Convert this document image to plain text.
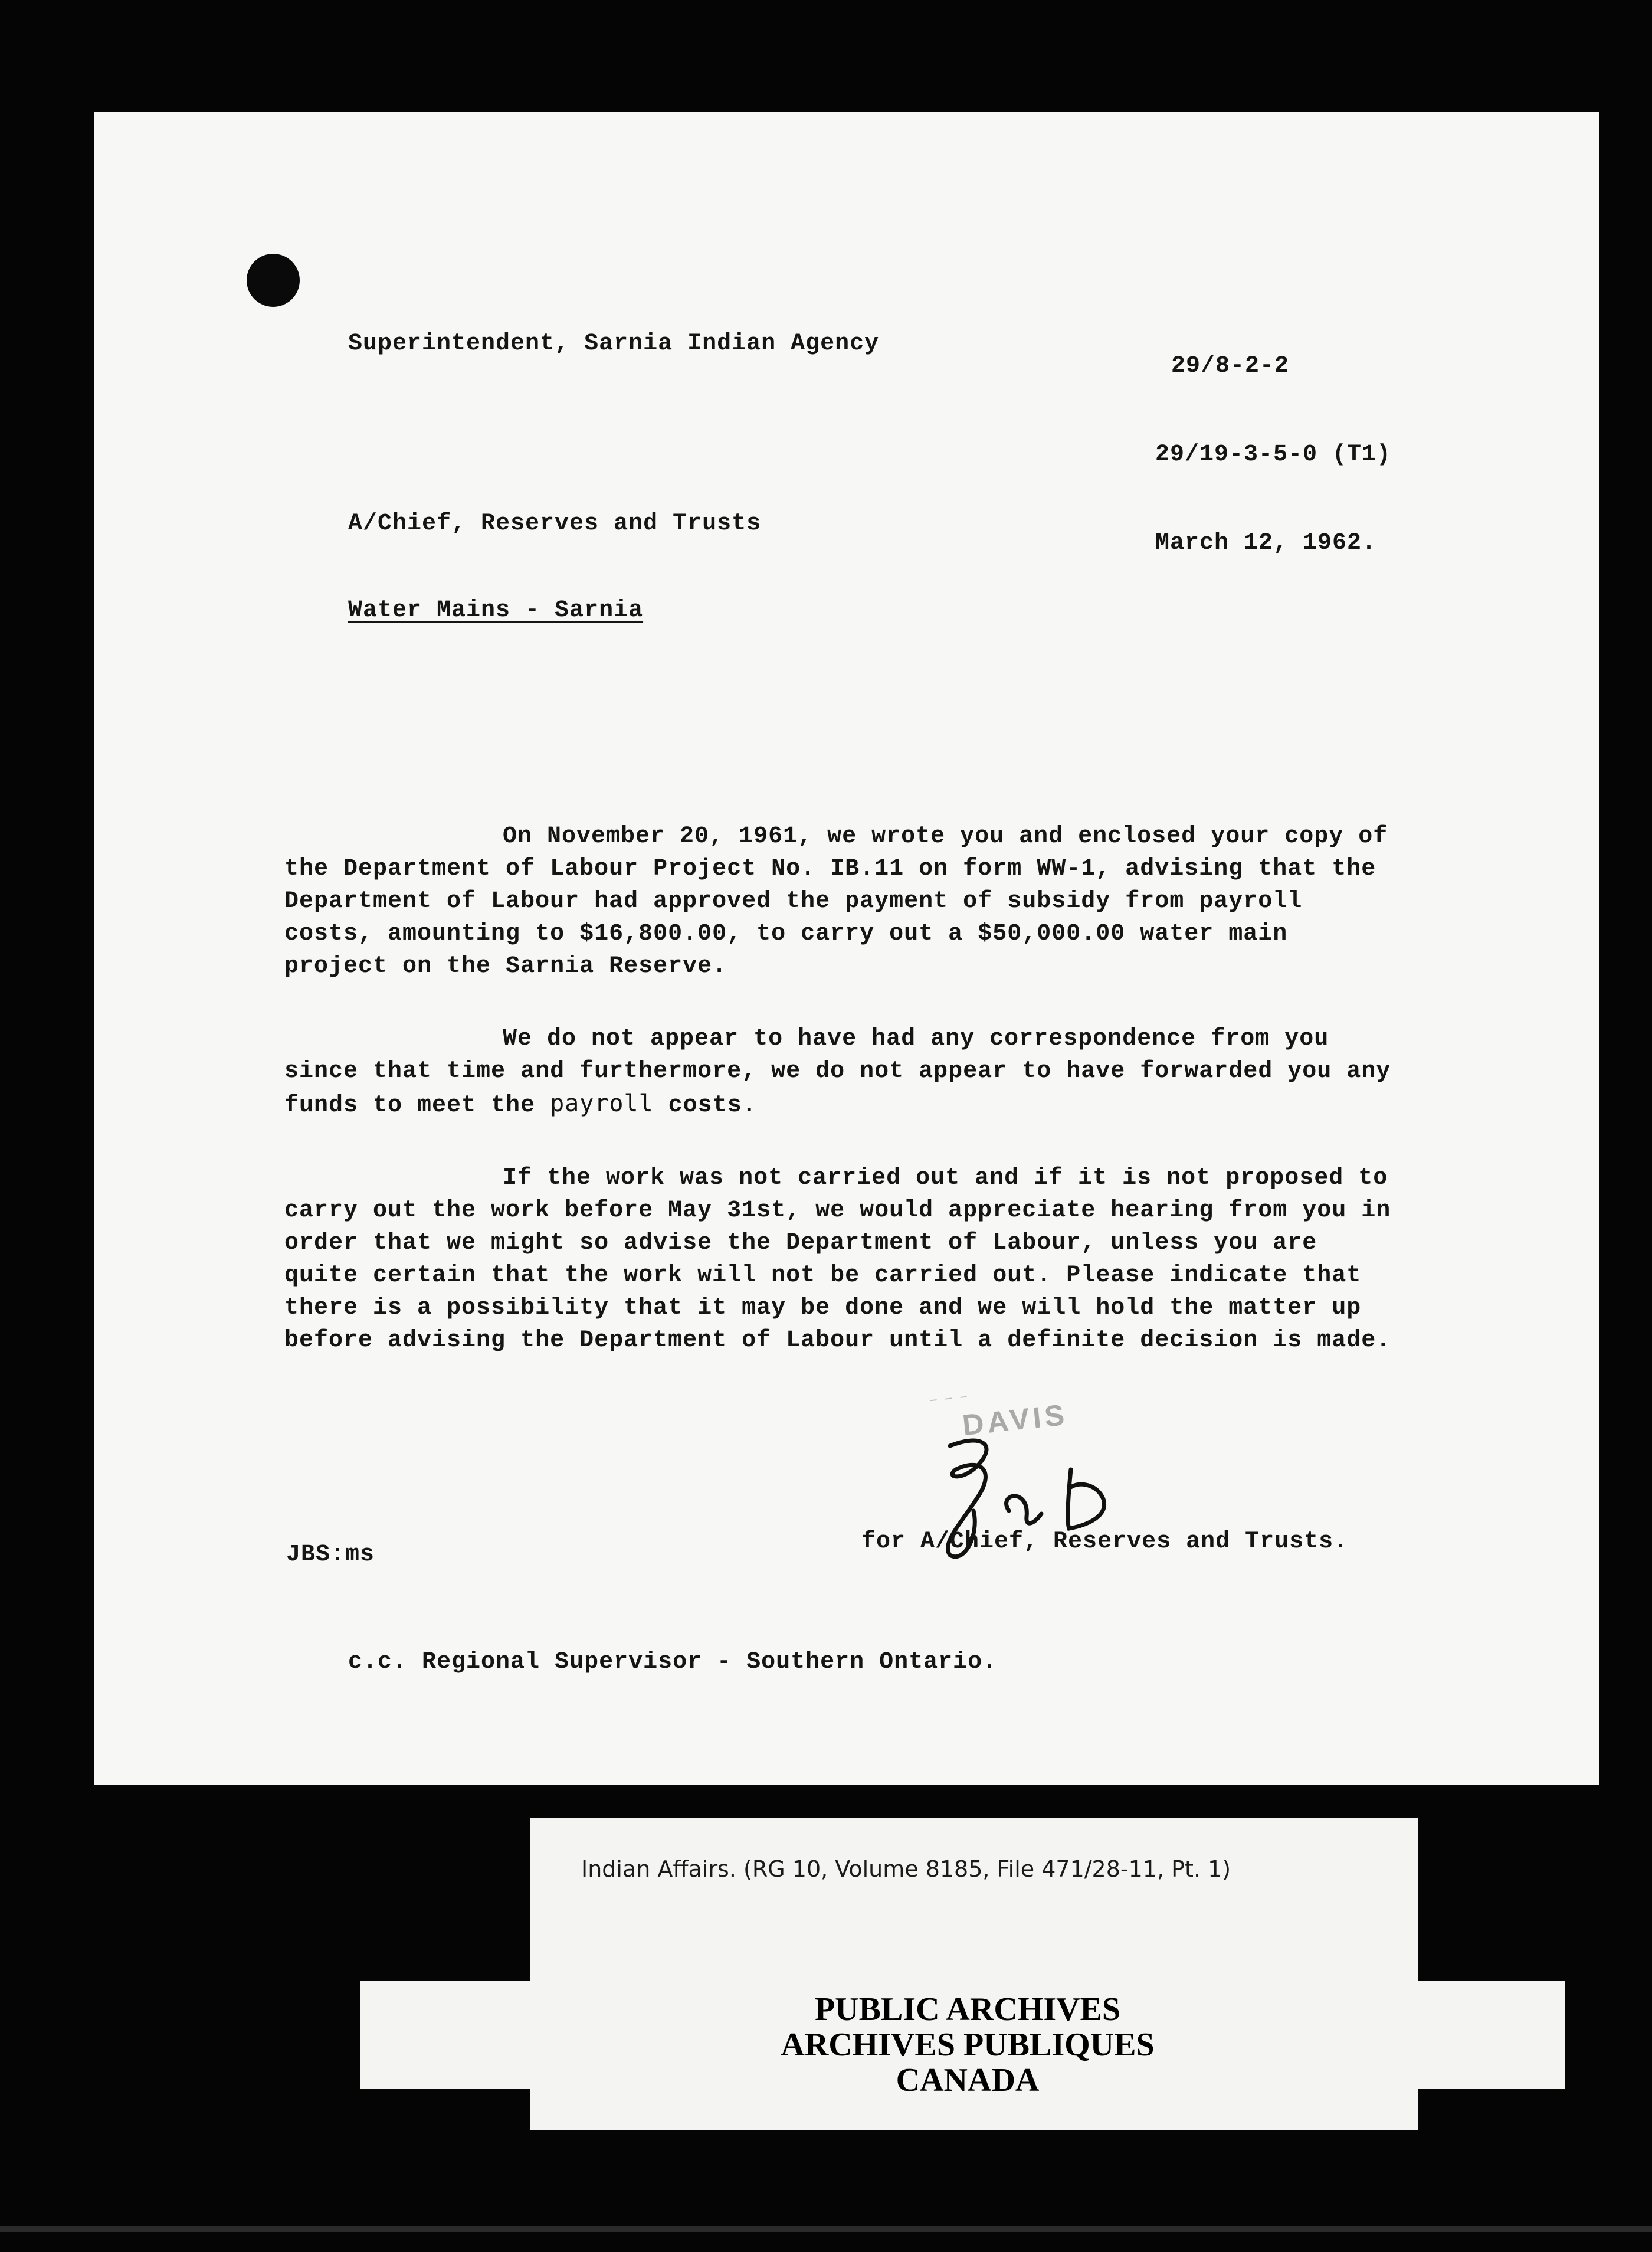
Superintendent, Sarnia Indian Agency
29/8-2-2
29/19-3-5-0 (T1)
A/Chief, Reserves and Trusts
March 12, 1962.
Water Mains - Sarnia

On November 20, 1961, we wrote you and enclosed your copy of the Department of Labour Project No. IB.11 on form WW-1, advising that the Department of Labour had approved the payment of subsidy from payroll costs, amounting to $16,800.00, to carry out a $50,000.00 water main project on the Sarnia Reserve.

We do not appear to have had any correspondence from you since that time and furthermore, we do not appear to have forwarded you any funds to meet the payroll costs.

If the work was not carried out and if it is not proposed to carry out the work before May 31st, we would appreciate hearing from you in order that we might so advise the Department of Labour, unless you are quite certain that the work will not be carried out. Please indicate that there is a possibility that it may be done and we will hold the matter up before advising the Department of Labour until a definite decision is made.

— — —
DAVIS
JBS:ms	for A/Chief, Reserves and Trusts.
c.c. Regional Supervisor - Southern Ontario.
Indian Affairs. (RG 10, Volume 8185, File 471/28-11, Pt. 1)
PUBLIC ARCHIVES
ARCHIVES PUBLIQUES
CANADA
